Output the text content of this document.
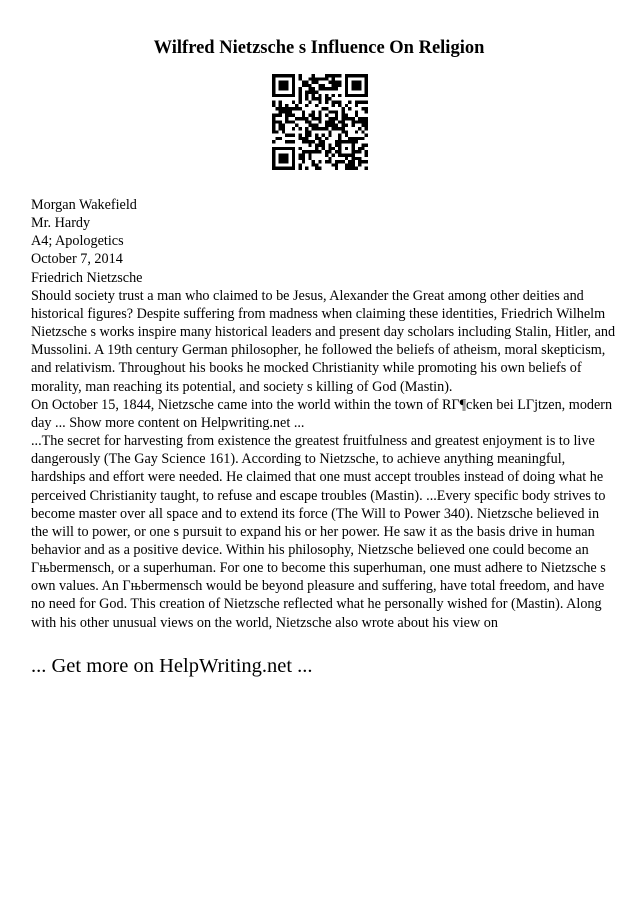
Wilfred Nietzsche s Influence On Religion
Morgan Wakefield
Mr. Hardy
A4; Apologetics
October 7, 2014
Friedrich Nietzsche

Should society trust a man who claimed to be Jesus, Alexander the Great among other deities and historical figures? Despite suffering from madness when claiming these identities, Friedrich Wilhelm Nietzsche s works inspire many historical leaders and present day scholars including Stalin, Hitler, and Mussolini. A 19th century German philosopher, he followed the beliefs of atheism, moral skepticism, and relativism. Throughout his books he mocked Christianity while promoting his own beliefs of morality, man reaching its potential, and society s killing of God (Mastin).

On October 15, 1844, Nietzsche came into the world within the town of RГ¶cken bei LГјtzen, modern day ... Show more content on Helpwriting.net ...

...The secret for harvesting from existence the greatest fruitfulness and greatest enjoyment is to live dangerously (The Gay Science 161). According to Nietzsche, to achieve anything meaningful, hardships and effort were needed. He claimed that one must accept troubles instead of doing what he perceived Christianity taught, to refuse and escape troubles (Mastin). ...Every specific body strives to become master over all space and to extend its force (The Will to Power 340). Nietzsche believed in the will to power, or one s pursuit to expand his or her power. He saw it as the basis drive in human behavior and as a positive device. Within his philosophy, Nietzsche believed one could become an Гњbermensch, or a superhuman. For one to become this superhuman, one must adhere to Nietzsche s own values. An Гњbermensch would be beyond pleasure and suffering, have total freedom, and have no need for God. This creation of Nietzsche reflected what he personally wished for (Mastin). Along with his other unusual views on the world, Nietzsche also wrote about his view on

... Get more on HelpWriting.net ...
